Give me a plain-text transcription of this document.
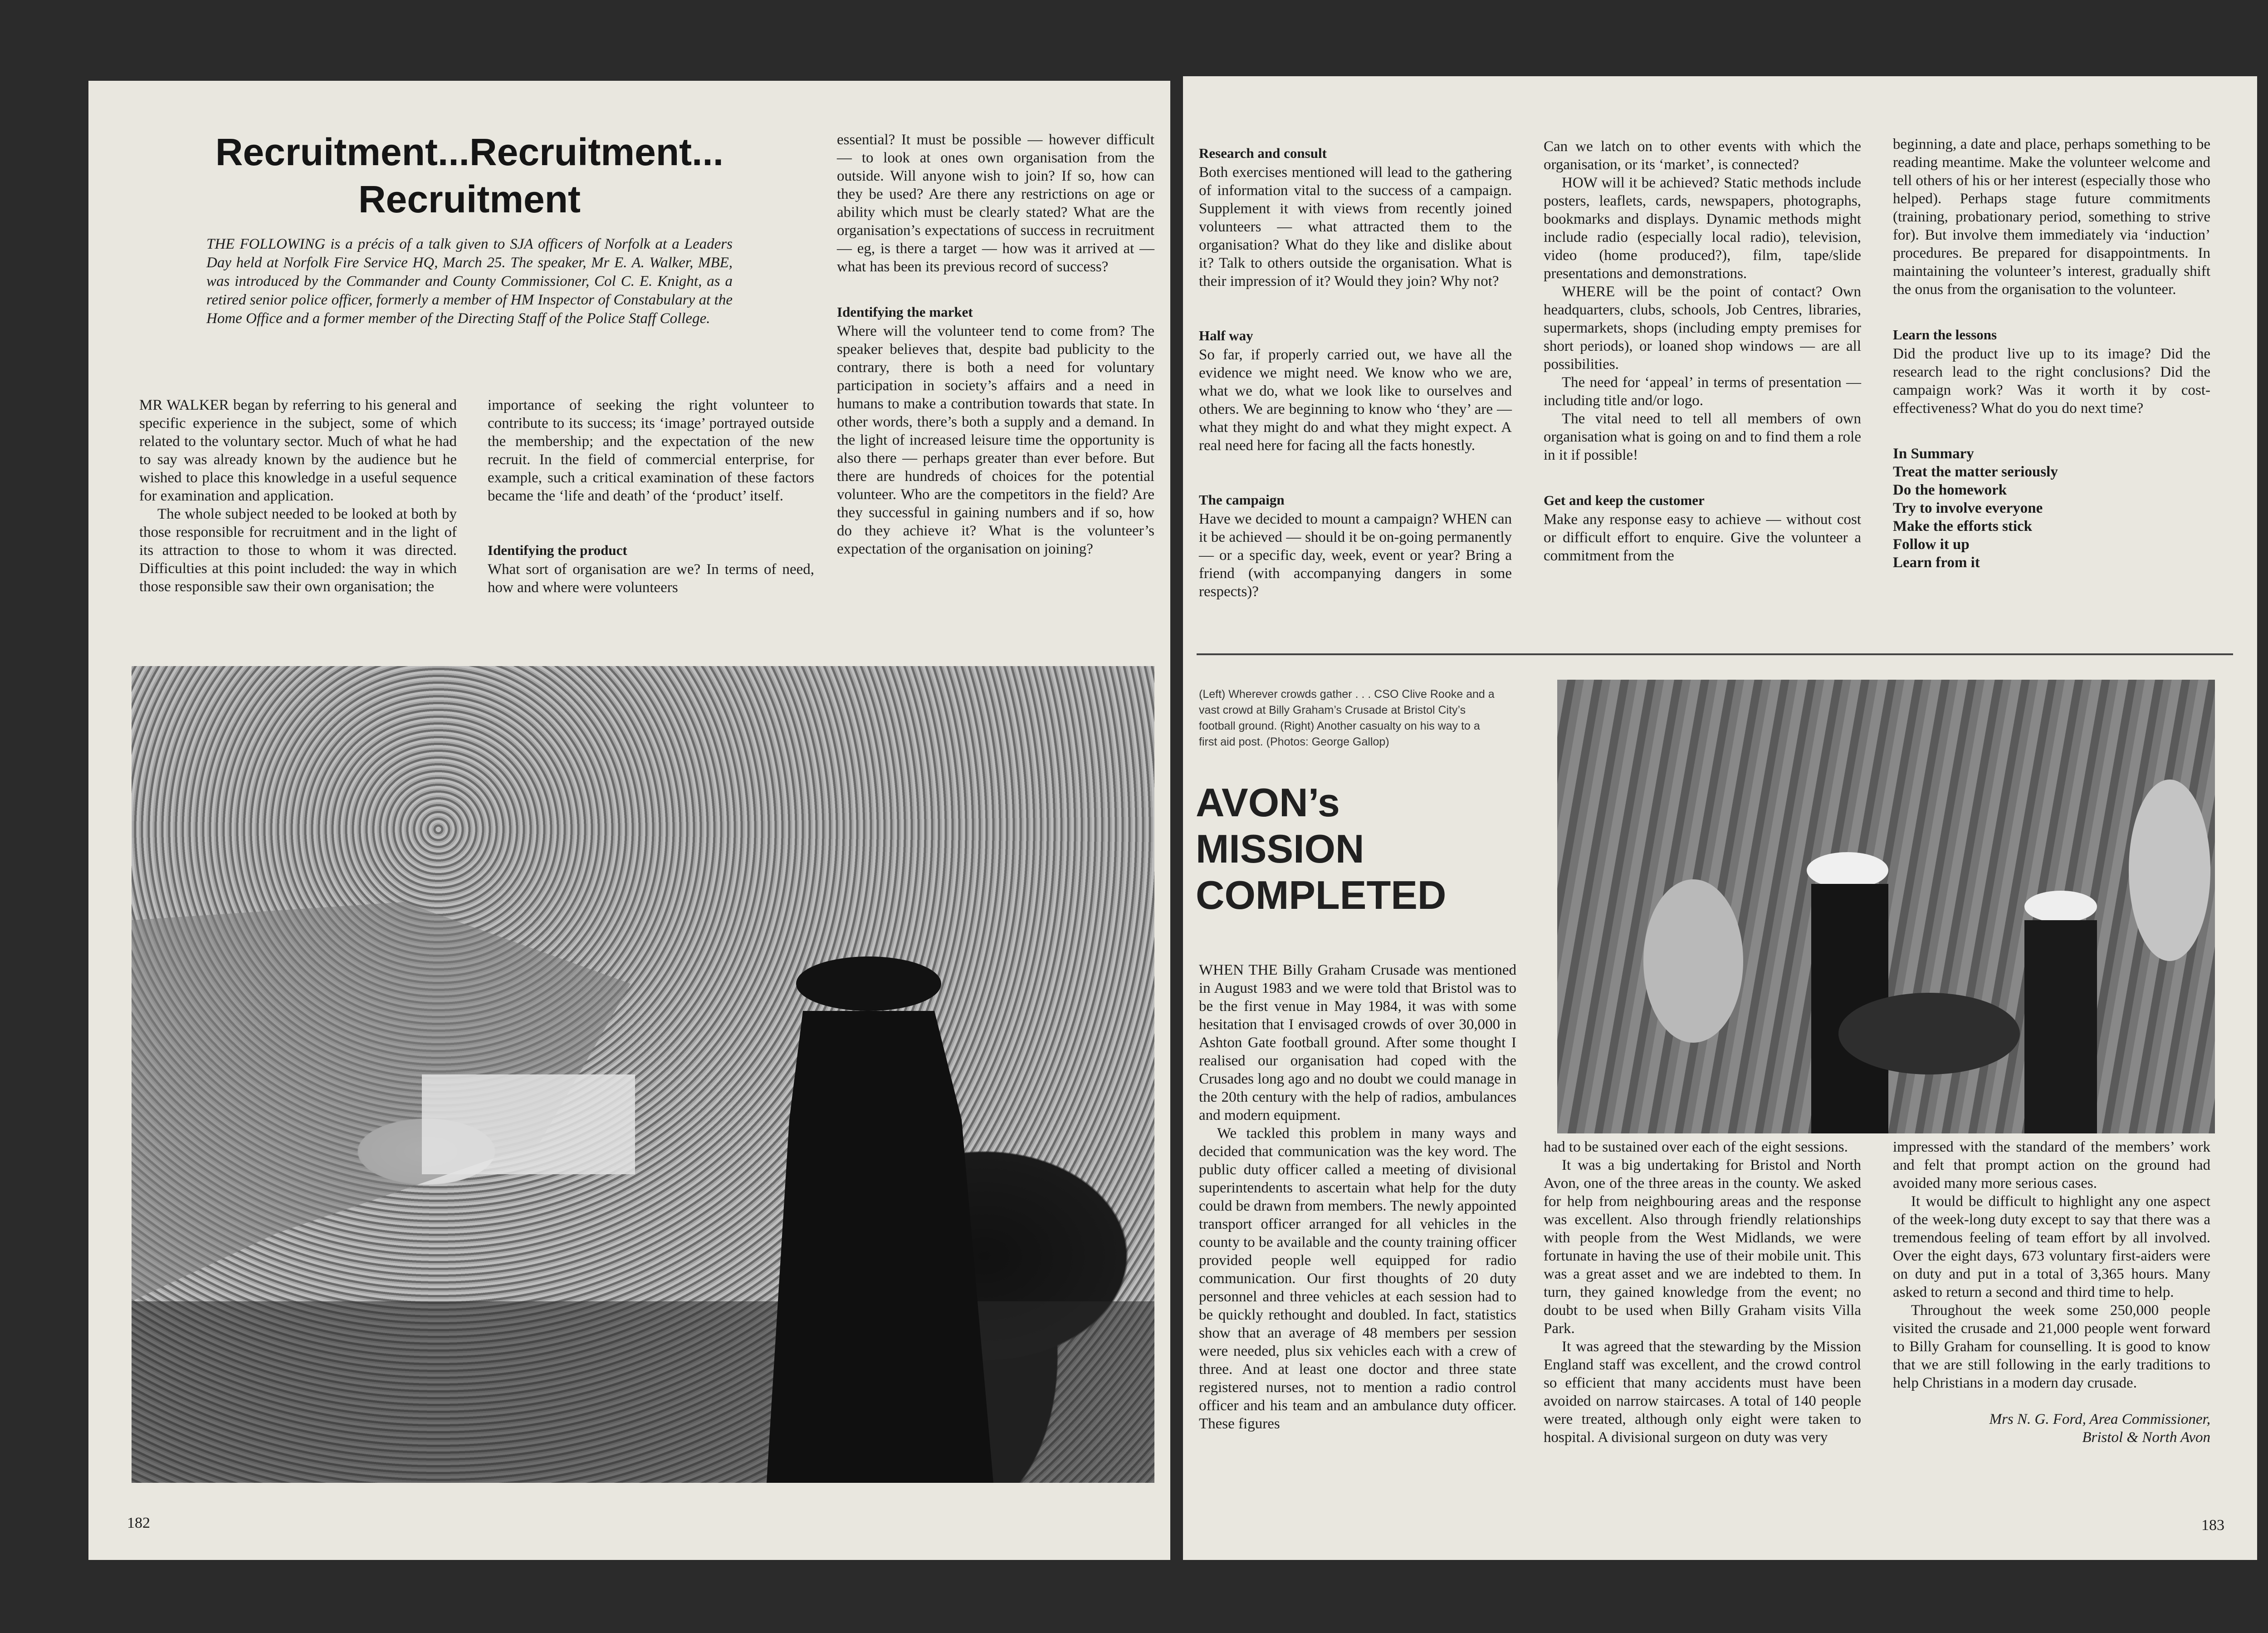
Recruitment...Recruitment...
Recruitment
THE FOLLOWING is a précis of a talk given to SJA officers of Norfolk at a Leaders Day held at Norfolk Fire Service HQ, March 25. The speaker, Mr E. A. Walker, MBE, was introduced by the Commander and County Commissioner, Col C. E. Knight, as a retired senior police officer, formerly a member of HM Inspector of Constabulary at the Home Office and a former member of the Directing Staff of the Police Staff College.

MR WALKER began by referring to his general and specific experience in the subject, some of which related to the voluntary sector. Much of what he had to say was already known by the audience but he wished to place this knowledge in a useful sequence for examination and application.

The whole subject needed to be looked at both by those responsible for recruitment and in the light of its attraction to those to whom it was directed. Difficulties at this point included: the way in which those responsible saw their own organisation; the

importance of seeking the right volunteer to contribute to its success; its ‘image’ portrayed outside the membership; and the expectation of the new recruit. In the field of commercial enterprise, for example, such a critical examination of these factors became the ‘life and death’ of the ‘product’ itself.

Identifying the product

What sort of organisation are we? In terms of need, how and where were volunteers

essential? It must be possible — however difficult — to look at ones own organisation from the outside. Will anyone wish to join? If so, how can they be used? Are there any restrictions on age or ability which must be clearly stated? What are the organisation’s expectations of success in recruitment — eg, is there a target — how was it arrived at — what has been its previous record of success?

Identifying the market

Where will the volunteer tend to come from? The speaker believes that, despite bad publicity to the contrary, there is both a need for voluntary participation in society’s affairs and a need in humans to make a contribution towards that state. In other words, there’s both a supply and a demand. In the light of increased leisure time the opportunity is also there — perhaps greater than ever before. But there are hundreds of choices for the potential volunteer. Who are the competitors in the field? Are they successful in gaining numbers and if so, how do they achieve it? What is the volunteer’s expectation of the organisation on joining?

182
Research and consult

Both exercises mentioned will lead to the gathering of information vital to the success of a campaign. Supplement it with views from recently joined volunteers — what attracted them to the organisation? What do they like and dislike about it? Talk to others outside the organisation. What is their impression of it? Would they join? Why not?

Half way

So far, if properly carried out, we have all the evidence we might need. We know who we are, what we do, what we look like to ourselves and others. We are beginning to know who ‘they’ are — what they might do and what they might expect. A real need here for facing all the facts honestly.

The campaign

Have we decided to mount a campaign? WHEN can it be achieved — should it be on-going permanently — or a specific day, week, event or year? Bring a friend (with accompanying dangers in some respects)?

Can we latch on to other events with which the organisation, or its ‘market’, is connected?

HOW will it be achieved? Static methods include posters, leaflets, cards, newspapers, photographs, bookmarks and displays. Dynamic methods might include radio (especially local radio), television, video (home produced?), film, tape/slide presentations and demonstrations.

WHERE will be the point of contact? Own headquarters, clubs, schools, Job Centres, libraries, supermarkets, shops (including empty premises for short periods), or loaned shop windows — are all possibilities.

The need for ‘appeal’ in terms of presentation — including title and/or logo.

The vital need to tell all members of own organisation what is going on and to find them a role in it if possible!

Get and keep the customer

Make any response easy to achieve — without cost or difficult effort to enquire. Give the volunteer a commitment from the

beginning, a date and place, perhaps something to be reading meantime. Make the volunteer welcome and tell others of his or her interest (especially those who helped). Perhaps stage future commitments (training, probationary period, something to strive for). But involve them immediately via ‘induction’ procedures. Be prepared for disappointments. In maintaining the volunteer’s interest, gradually shift the onus from the organisation to the volunteer.

Learn the lessons

Did the product live up to its image? Did the research lead to the right conclusions? Did the campaign work? Was it worth it by cost-effectiveness? What do you do next time?

In Summary
Treat the matter seriously
Do the homework
Try to involve everyone
Make the efforts stick
Follow it up
Learn from it
(Left) Wherever crowds gather . . . CSO Clive Rooke and a vast crowd at Billy Graham’s Crusade at Bristol City’s football ground. (Right) Another casualty on his way to a first aid post. (Photos: George Gallop)
AVON’s
MISSION
COMPLETED

WHEN THE Billy Graham Crusade was mentioned in August 1983 and we were told that Bristol was to be the first venue in May 1984, it was with some hesitation that I envisaged crowds of over 30,000 in Ashton Gate football ground. After some thought I realised our organisation had coped with the Crusades long ago and no doubt we could manage in the 20th century with the help of radios, ambulances and modern equipment.

We tackled this problem in many ways and decided that communication was the key word. The public duty officer called a meeting of divisional superintendents to ascertain what help for the duty could be drawn from members. The newly appointed transport officer arranged for all vehicles in the county to be available and the county training officer provided people well equipped for radio communication. Our first thoughts of 20 duty personnel and three vehicles at each session had to be quickly rethought and doubled. In fact, statistics show that an average of 48 members per session were needed, plus six vehicles each with a crew of three. And at least one doctor and three state registered nurses, not to mention a radio control officer and his team and an ambulance duty officer. These figures

had to be sustained over each of the eight sessions.

It was a big undertaking for Bristol and North Avon, one of the three areas in the county. We asked for help from neighbouring areas and the response was excellent. Also through friendly relationships with people from the West Midlands, we were fortunate in having the use of their mobile unit. This was a great asset and we are indebted to them. In turn, they gained knowledge from the event; no doubt to be used when Billy Graham visits Villa Park.

It was agreed that the stewarding by the Mission England staff was excellent, and the crowd control so efficient that many accidents must have been avoided on narrow staircases. A total of 140 people were treated, although only eight were taken to hospital. A divisional surgeon on duty was very

impressed with the standard of the members’ work and felt that prompt action on the ground had avoided many more serious cases.

It would be difficult to highlight any one aspect of the week-long duty except to say that there was a tremendous feeling of team effort by all involved. Over the eight days, 673 voluntary first-aiders were on duty and put in a total of 3,365 hours. Many asked to return a second and third time to help.

Throughout the week some 250,000 people visited the crusade and 21,000 people went forward to Billy Graham for counselling. It is good to know that we are still following in the early traditions to help Christians in a modern day crusade.

Mrs N. G. Ford, Area Commissioner,
Bristol & North Avon
183
